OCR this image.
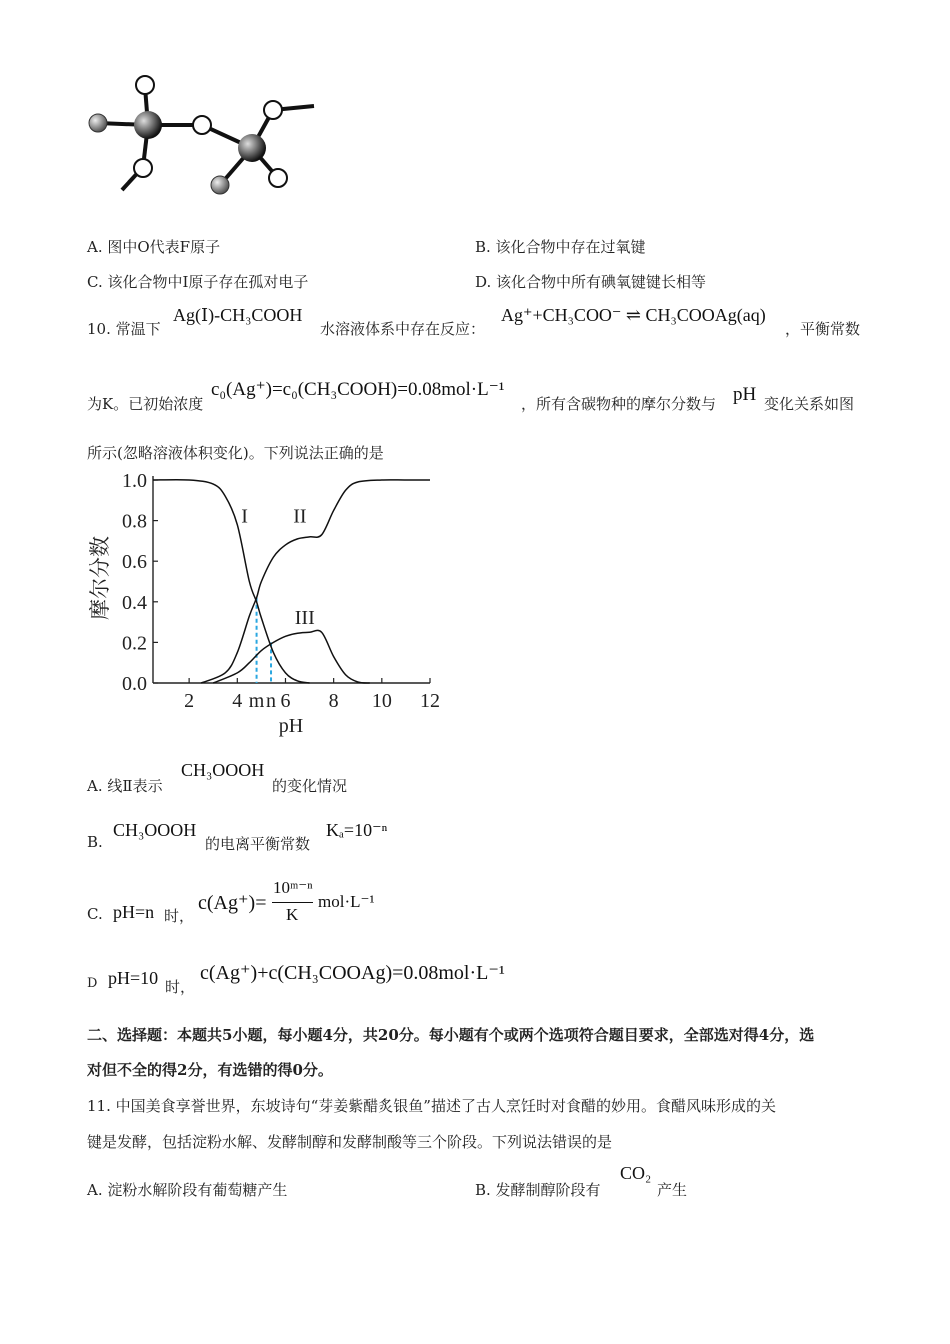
A. 图中O代表F原子	B. 该化合物中存在过氧键
C. 该化合物中Ⅰ原子存在孤对电子	D. 该化合物中所有碘氧键键长相等
10. 常温下
Ag(Ⅰ)-CH₃COOH
水溶液体系中存在反应：
Ag⁺+CH₃COO⁻ ⇌ CH₃COOAg(aq)
，平衡常数
为K。已初始浓度
c₀(Ag⁺)=c₀(CH₃COOH)=0.08mol·L⁻¹
，所有含碳物种的摩尔分数与 pH 变化关系如图
所示(忽略溶液体积变化)。下列说法正确的是
摩尔分数
0.0
0.2
0.4
0.6
0.8
1.0
2 4 6 8 10 12
m n
I II
III
pH
A. 线Ⅱ表示
CH₃OOOH
的变化情况
B.
CH₃OOOH
的电离平衡常数
Kₐ=10⁻ⁿ
C. pH=n 时，
c(Ag⁺)=
10ᵐ⁻ⁿ
K
mol·L⁻¹
D pH=10 时，
c(Ag⁺)+c(CH₃COOAg)=0.08mol·L⁻¹
二、选择题：本题共5小题，每小题4分，共20分。每小题有个或两个选项符合题目要求，全部选对得4分，选
对但不全的得2分，有选错的得0分。
11. 中国美食享誉世界，东坡诗句“芽姜紫醋炙银鱼”描述了古人烹饪时对食醋的妙用。食醋风味形成的关
键是发酵，包括淀粉水解、发酵制醇和发酵制酸等三个阶段。下列说法错误的是
A. 淀粉水解阶段有葡萄糖产生	B. 发酵制醇阶段有
CO₂
产生
